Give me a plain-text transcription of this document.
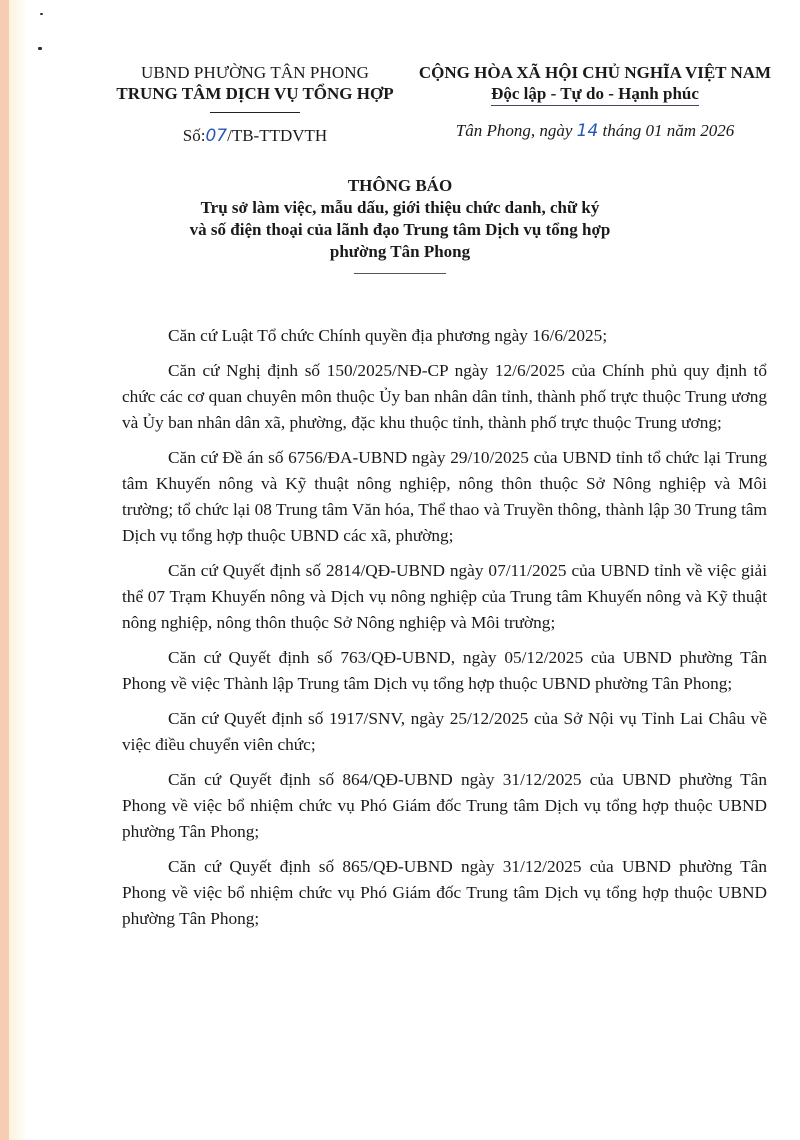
UBND PHƯỜNG TÂN PHONG
TRUNG TÂM DỊCH VỤ TỔNG HỢP
Số:07/TB-TTDVTH
CỘNG HÒA XÃ HỘI CHỦ NGHĨA VIỆT NAM
Độc lập - Tự do - Hạnh phúc
Tân Phong, ngày 14 tháng 01 năm 2026
THÔNG BÁO
Trụ sở làm việc, mẫu dấu, giới thiệu chức danh, chữ ký
và số điện thoại của lãnh đạo Trung tâm Dịch vụ tổng hợp
phường Tân Phong

Căn cứ Luật Tổ chức Chính quyền địa phương ngày 16/6/2025;

Căn cứ Nghị định số 150/2025/NĐ-CP ngày 12/6/2025 của Chính phủ quy định tổ chức các cơ quan chuyên môn thuộc Ủy ban nhân dân tỉnh, thành phố trực thuộc Trung ương và Ủy ban nhân dân xã, phường, đặc khu thuộc tỉnh, thành phố trực thuộc Trung ương;

Căn cứ Đề án số 6756/ĐA-UBND ngày 29/10/2025 của UBND tỉnh tổ chức lại Trung tâm Khuyến nông và Kỹ thuật nông nghiệp, nông thôn thuộc Sở Nông nghiệp và Môi trường; tổ chức lại 08 Trung tâm Văn hóa, Thể thao và Truyền thông, thành lập 30 Trung tâm Dịch vụ tổng hợp thuộc UBND các xã, phường;

Căn cứ Quyết định số 2814/QĐ-UBND ngày 07/11/2025 của UBND tỉnh về việc giải thể 07 Trạm Khuyến nông và Dịch vụ nông nghiệp của Trung tâm Khuyến nông và Kỹ thuật nông nghiệp, nông thôn thuộc Sở Nông nghiệp và Môi trường;

Căn cứ Quyết định số 763/QĐ-UBND, ngày 05/12/2025 của UBND phường Tân Phong về việc Thành lập Trung tâm Dịch vụ tổng hợp thuộc UBND phường Tân Phong;

Căn cứ Quyết định số 1917/SNV, ngày 25/12/2025 của Sở Nội vụ Tỉnh Lai Châu về việc điều chuyển viên chức;

Căn cứ Quyết định số 864/QĐ-UBND ngày 31/12/2025 của UBND phường Tân Phong về việc bổ nhiệm chức vụ Phó Giám đốc Trung tâm Dịch vụ tổng hợp thuộc UBND phường Tân Phong;

Căn cứ Quyết định số 865/QĐ-UBND ngày 31/12/2025 của UBND phường Tân Phong về việc bổ nhiệm chức vụ Phó Giám đốc Trung tâm Dịch vụ tổng hợp thuộc UBND phường Tân Phong;
